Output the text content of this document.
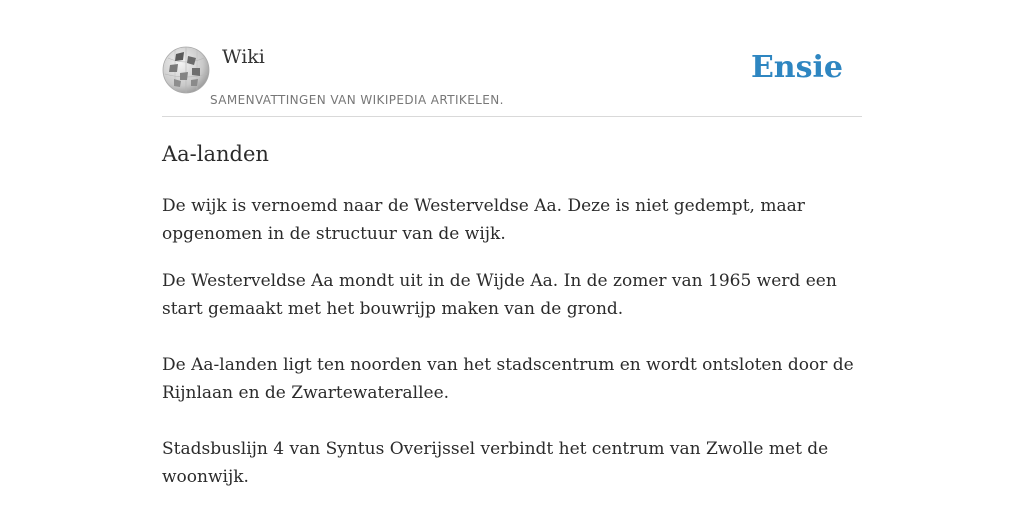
Wiki
SAMENVATTINGEN VAN WIKIPEDIA ARTIKELEN.
Ensie
Aa-landen

De wijk is vernoemd naar de Westerveldse Aa. Deze is niet gedempt, maar opgenomen in de structuur van de wijk.

De Westerveldse Aa mondt uit in de Wijde Aa. In de zomer van 1965 werd een start gemaakt met het bouwrijp maken van de grond.

De Aa-landen ligt ten noorden van het stadscentrum en wordt ontsloten door de Rijnlaan en de Zwartewaterallee.

Stadsbuslijn 4 van Syntus Overijssel verbindt het centrum van Zwolle met de woonwijk.
